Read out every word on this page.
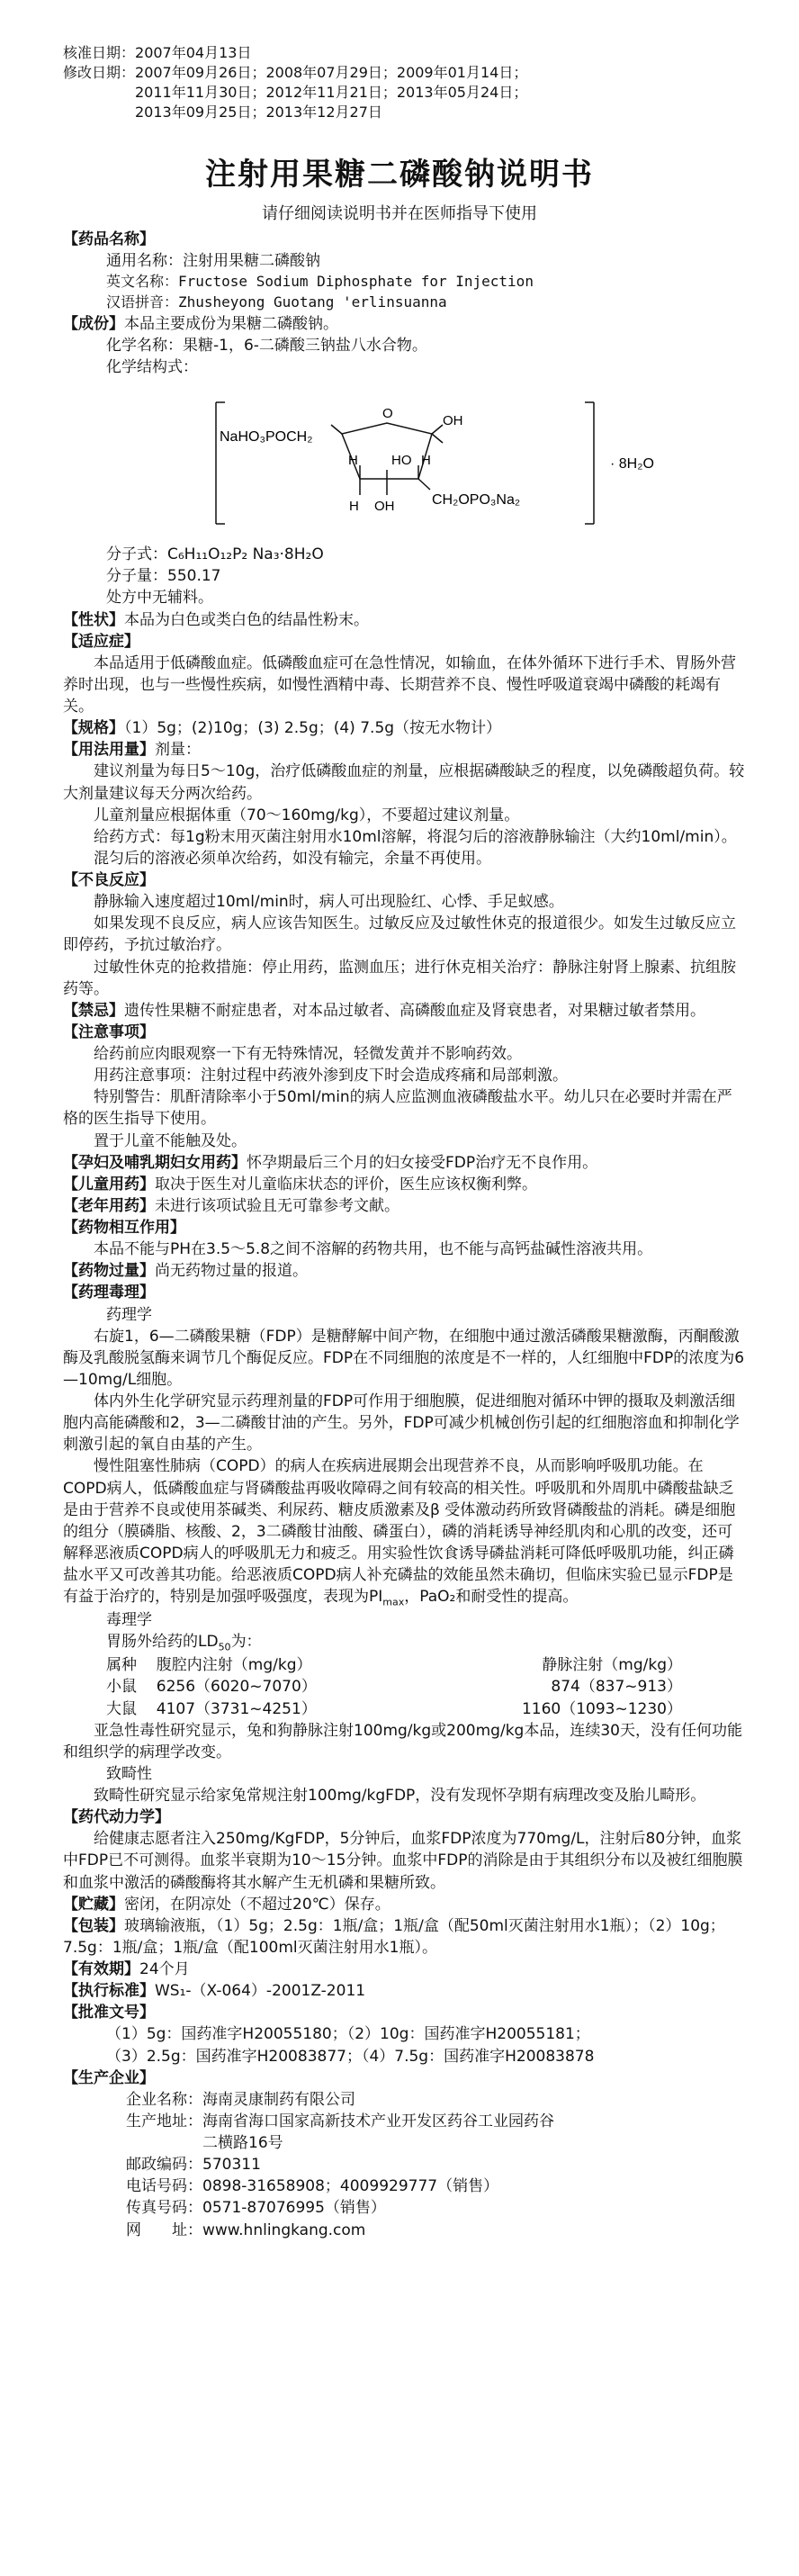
核准日期：2007年04月13日
修改日期：2007年09月26日；2008年07月29日；2009年01月14日；
2011年11月30日；2012年11月21日；2013年05月24日；
2013年09月25日；2013年12月27日
注射用果糖二磷酸钠说明书
请仔细阅读说明书并在医师指导下使用

【药品名称】

通用名称：注射用果糖二磷酸钠

英文名称：Fructose Sodium Diphosphate for Injection

汉语拼音：Zhusheyong Guotang 'erlinsuanna

【成份】本品主要成份为果糖二磷酸钠。

化学名称：果糖-1，6-二磷酸三钠盐八水合物。

化学结构式：

NaHO₃POCH₂
O	OH
H HO H
H OH	CH₂OPO₃Na₂
· 8H₂O

分子式：C₆H₁₁O₁₂P₂ Na₃·8H₂O

分子量：550.17

处方中无辅料。

【性状】本品为白色或类白色的结晶性粉末。

【适应症】

本品适用于低磷酸血症。低磷酸血症可在急性情况，如输血，在体外循环下进行手术、胃肠外营养时出现，也与一些慢性疾病，如慢性酒精中毒、长期营养不良、慢性呼吸道衰竭中磷酸的耗竭有关。

【规格】（1）5g；(2)10g；(3) 2.5g；(4) 7.5g（按无水物计）

【用法用量】剂量：

建议剂量为每日5～10g，治疗低磷酸血症的剂量，应根据磷酸缺乏的程度，以免磷酸超负荷。较大剂量建议每天分两次给药。

儿童剂量应根据体重（70～160mg/kg），不要超过建议剂量。

给药方式：每1g粉末用灭菌注射用水10ml溶解，将混匀后的溶液静脉输注（大约10ml/min）。

混匀后的溶液必须单次给药，如没有输完，余量不再使用。

【不良反应】

静脉输入速度超过10ml/min时，病人可出现脸红、心悸、手足蚁感。

如果发现不良反应，病人应该告知医生。过敏反应及过敏性休克的报道很少。如发生过敏反应立即停药，予抗过敏治疗。

过敏性休克的抢救措施：停止用药，监测血压；进行休克相关治疗：静脉注射肾上腺素、抗组胺药等。

【禁忌】遗传性果糖不耐症患者，对本品过敏者、高磷酸血症及肾衰患者，对果糖过敏者禁用。

【注意事项】

给药前应肉眼观察一下有无特殊情况，轻微发黄并不影响药效。

用药注意事项：注射过程中药液外渗到皮下时会造成疼痛和局部刺激。

特别警告：肌酐清除率小于50ml/min的病人应监测血液磷酸盐水平。幼儿只在必要时并需在严格的医生指导下使用。

置于儿童不能触及处。

【孕妇及哺乳期妇女用药】怀孕期最后三个月的妇女接受FDP治疗无不良作用。

【儿童用药】取决于医生对儿童临床状态的评价，医生应该权衡利弊。

【老年用药】未进行该项试验且无可靠参考文献。

【药物相互作用】

本品不能与PH在3.5～5.8之间不溶解的药物共用，也不能与高钙盐碱性溶液共用。

【药物过量】尚无药物过量的报道。

【药理毒理】

药理学

右旋1，6—二磷酸果糖（FDP）是糖酵解中间产物，在细胞中通过激活磷酸果糖激酶，丙酮酸激酶及乳酸脱氢酶来调节几个酶促反应。FDP在不同细胞的浓度是不一样的，人红细胞中FDP的浓度为6—10mg/L细胞。

体内外生化学研究显示药理剂量的FDP可作用于细胞膜，促进细胞对循环中钾的摄取及刺激活细胞内高能磷酸和2，3—二磷酸甘油的产生。另外，FDP可减少机械创伤引起的红细胞溶血和抑制化学刺激引起的氧自由基的产生。

慢性阻塞性肺病（COPD）的病人在疾病进展期会出现营养不良，从而影响呼吸肌功能。在COPD病人，低磷酸血症与肾磷酸盐再吸收障碍之间有较高的相关性。呼吸肌和外周肌中磷酸盐缺乏是由于营养不良或使用茶碱类、利尿药、糖皮质激素及β 受体激动药所致肾磷酸盐的消耗。磷是细胞的组分（膜磷脂、核酸、2，3二磷酸甘油酸、磷蛋白），磷的消耗诱导神经肌肉和心肌的改变，还可解释恶液质COPD病人的呼吸肌无力和疲乏。用实验性饮食诱导磷盐消耗可降低呼吸肌功能，纠正磷盐水平又可改善其功能。给恶液质COPD病人补充磷盐的效能虽然未确切，但临床实验已显示FDP是有益于治疗的，特别是加强呼吸强度，表现为$PI_{max}$，PaO₂和耐受性的提高。

毒理学

胃肠外给药的$LD_{50}$为：

属种	腹腔内注射（mg/kg）	静脉注射（mg/kg）
小鼠	6256（6020~7070）	874（837~913）
大鼠	4107（3731~4251）	1160（1093~1230）

亚急性毒性研究显示，兔和狗静脉注射100mg/kg或200mg/kg本品，连续30天，没有任何功能和组织学的病理学改变。

致畸性

致畸性研究显示给家兔常规注射100mg/kgFDP，没有发现怀孕期有病理改变及胎儿畸形。

【药代动力学】

给健康志愿者注入250mg/KgFDP，5分钟后，血浆FDP浓度为770mg/L，注射后80分钟，血浆中FDP已不可测得。血浆半衰期为10～15分钟。血浆中FDP的消除是由于其组织分布以及被红细胞膜和血浆中激活的磷酸酶将其水解产生无机磷和果糖所致。

【贮藏】密闭，在阴凉处（不超过20℃）保存。

【包装】玻璃输液瓶，（1）5g；2.5g：1瓶/盒；1瓶/盒（配50ml灭菌注射用水1瓶）；（2）10g；7.5g：1瓶/盒；1瓶/盒（配100ml灭菌注射用水1瓶）。

【有效期】24个月

【执行标准】WS₁-（X-064）-2001Z-2011

【批准文号】

（1）5g：国药准字H20055180；（2）10g：国药准字H20055181；

（3）2.5g：国药准字H20083877；（4）7.5g：国药准字H20083878

【生产企业】

企业名称：海南灵康制药有限公司

生产地址：海南省海口国家高新技术产业开发区药谷工业园药谷

二横路16号

邮政编码：570311

电话号码：0898-31658908；4009929777（销售）

传真号码：0571-87076995（销售）

网　　址：www.hnlingkang.com
